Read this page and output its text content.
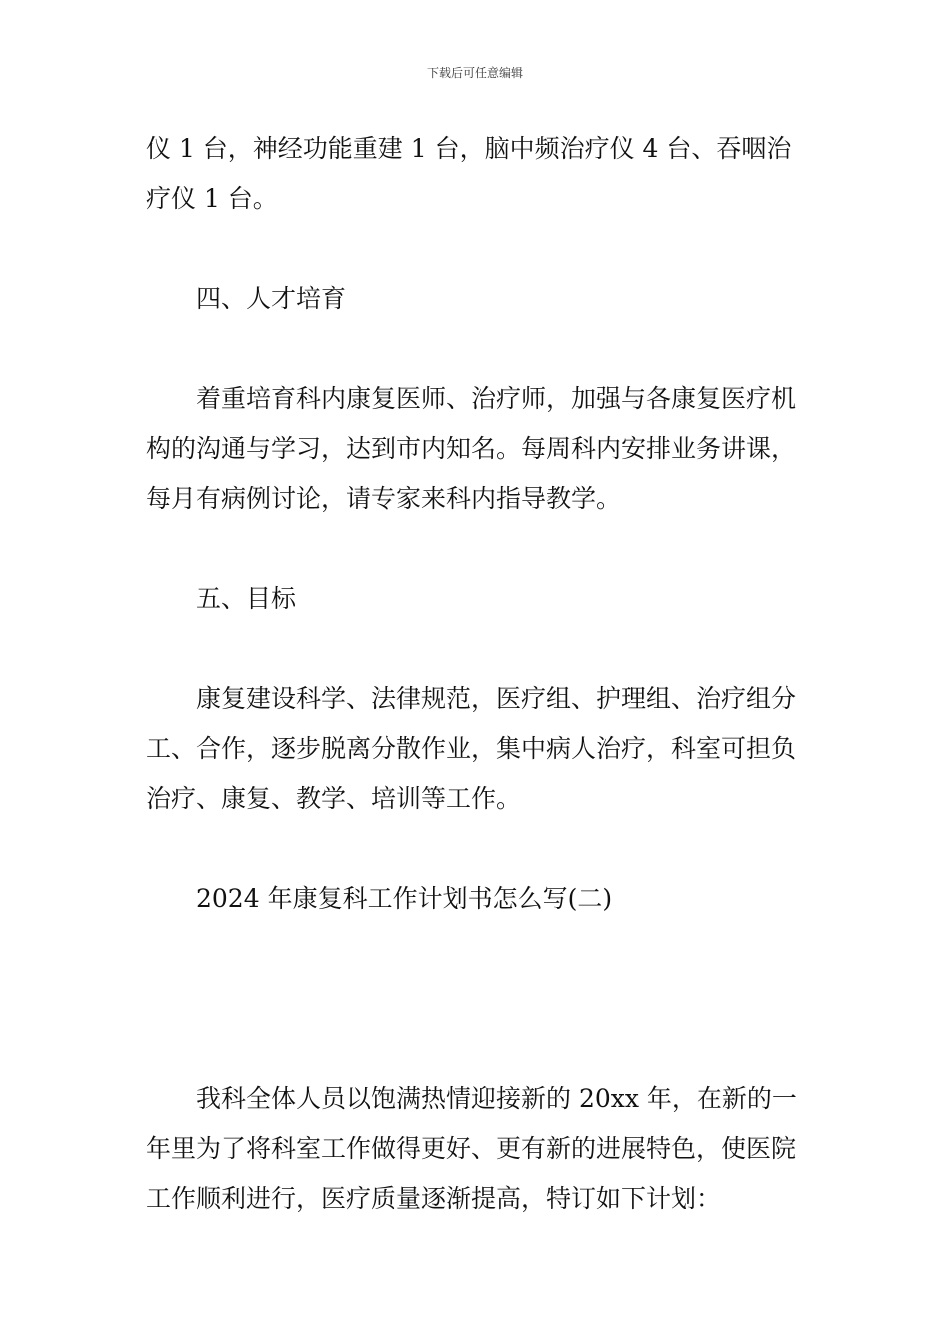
下载后可任意编辑

仪 1 台，神经功能重建 1 台，脑中频治疗仪 4 台、吞咽治疗仪 1 台。

四、人才培育

着重培育科内康复医师、治疗师，加强与各康复医疗机构的沟通与学习，达到市内知名。每周科内安排业务讲课，每月有病例讨论，请专家来科内指导教学。

五、目标

康复建设科学、法律规范，医疗组、护理组、治疗组分工、合作，逐步脱离分散作业，集中病人治疗，科室可担负治疗、康复、教学、培训等工作。

2024 年康复科工作计划书怎么写(二)

我科全体人员以饱满热情迎接新的 20xx 年，在新的一年里为了将科室工作做得更好、更有新的进展特色，使医院工作顺利进行，医疗质量逐渐提高，特订如下计划：
